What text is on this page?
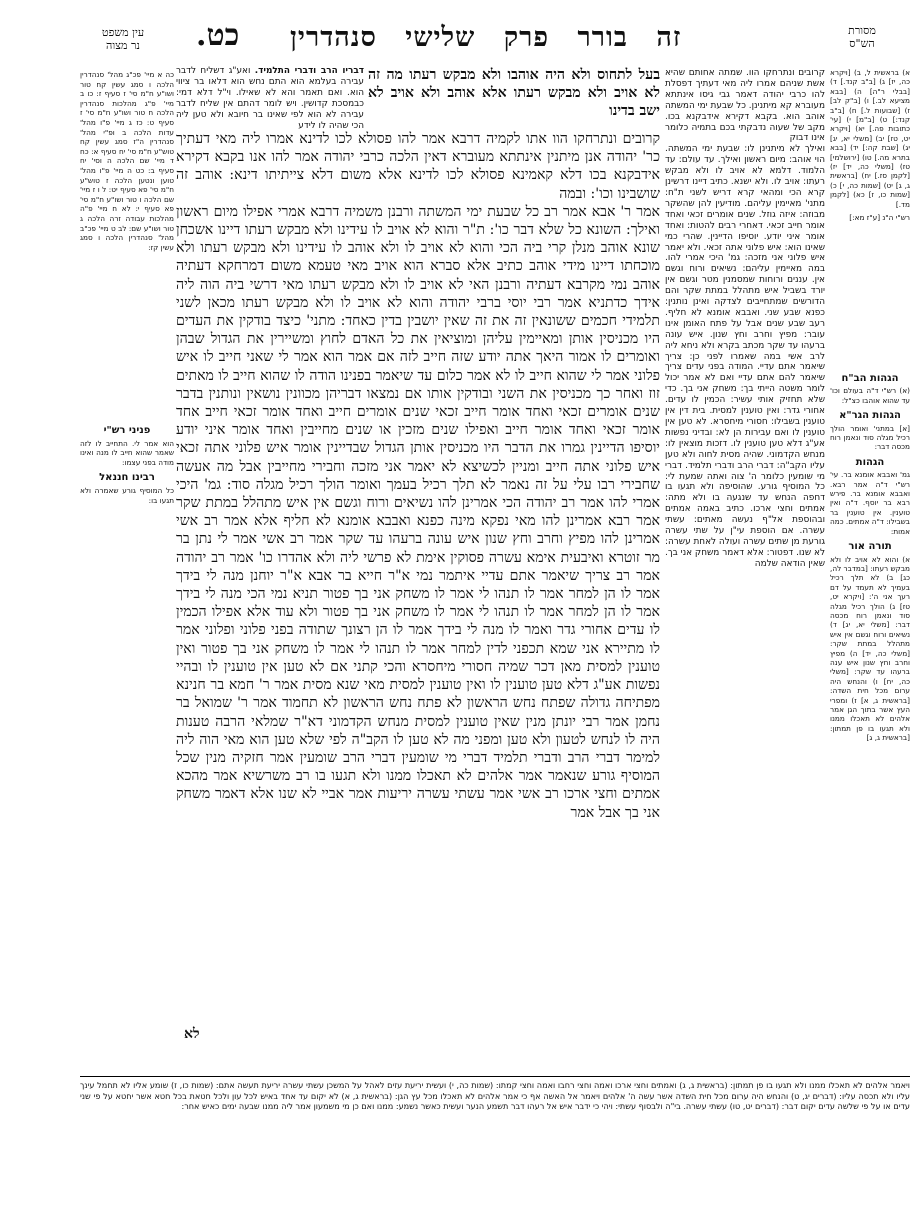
מסורת
הש"ס
זה בורר פרק שלישי סנהדרין
כט.
עין משפט
נר מצוה

א) בראשית ל, ב) [ויקרא כה, יז] ג) [ב"ב קנד.] ד) [בבלי ר"ה] ה) [בבא מציעא לב.] ו) [ב"ק לב] ז) [שבועות ל.] ח) [ב"ב קנד:] ט) [ב"מ] י) [עי' כתובות פה.] יא) [ויקרא יט, טז] יב) [משלי יא, יג] יג) [שבת קה:] יד) [בבא בתרא מה.] טו) [ירושלמי] טז) [משלי כה, יד] יז) [לקמן סז.] יח) [בראשית ג, ג] יט) [שמות כה, י] כ) [שמות כו, ז] כא) [לקמן מד.]

רש"י ה"נ [ע"ז מא:]

הגהות הב"ח

(א) רש"י ד"ה בעולם וכו' עד שהוא אוהבו כצ"ל:

הגהות הגר"א

[א] במתני' ואומר הולך רכיל מגלה סוד ונאמן רוח מכסה דבר:

הגהות

גמ' ואבבא אומנא בר. עי' רש"י ד"ה אמר רבא. ואבבא אומנא בר. פירש רבא בר יוסף. ד"ה ואין טוענין. אין טוענין בר בשבילו: ד"ה אמתים. כמה אמות:

תורה אור

א) והוא לא אויב לו ולא מבקש רעתו: [במדבר לה, כג] ב) לא תלך רכיל בעמיך לא תעמד על דם רעך אני ה': [ויקרא יט, טז] ג) הולך רכיל מגלה סוד ונאמן רוח מכסה דבר: [משלי יא, יג] ד) נשיאים ורוח וגשם אין איש מתהלל במתת שקר: [משלי כה, יד] ה) מפיץ וחרב וחץ שנון איש ענה ברעהו עד שקר: [משלי כה, יח] ו) והנחש היה ערום מכל חית השדה: [בראשית ג, א] ז) ומפרי העץ אשר בתוך הגן אמר אלהים לא תאכלו ממנו ולא תגעו בו פן תמתון: [בראשית ג, ג]

קרובים ונתרחקו הוו. שמתה אחותם שהיא אשת שניהם אמרו ליה מאי דעתיך דפסלת להו כרבי יהודה דאמר גבי גיסו אינתתא מעוברא קא מיתנינן. כל שבעת ימי המשתה אוהב הוא. בקבא דקירא אידבקנא בכו. מקב של שעוה נדבקתי בכם בתמיה כלומר אינו דבוק

ואילך לא מיתנינן לו: שבעת ימי המשתה. הוי אוהב: מיום ראשון ואילך. עד עולם: עד הלמוד. דלמא לא אויב לו ולא מבקש רעתו: אויב לו. ולא ישנא. כתיב דיינו דרשינן קרא הכי ומהאי קרא דריש לשני ת"ח: מתני' מאיימין עליהם. מודיעין להן שהשקר מבוזה: איזה גוזל. שנים אומרים זכאי ואחד אומר חייב זכאי. דאחרי רבים להטות: ואחד אומר איני יודע. יוסיפו הדיינין. שהרי כמי שאינו הוא: איש פלוני אתה זכאי. ולא יאמר איש פלוני אני מזכה: גמ' היכי אמרי להו. במה מאיימין עליהם: נשיאים ורוח וגשם אין. עננים ורוחות שמסמנין מטר וגשם אין יורד בשביל איש מתהלל במתת שקר והם הדורשים שמתחייבים לצדקה ואינן נותנין: כפנא שבע שני. ואבבא אומנא לא חליף. רעב שבע שנים אבל על פתח האומן אינו עובר: מפיץ וחרב וחץ שנון. איש עונה ברעהו עד שקר מכתב בקרא ולא ניחא ליה לרב אשי במה שאמרו לפני כן: צריך שיאמר אתם עדיי. המודה בפני עדים צריך שיאמר להם אתם עדיי ואם לא אמר יכול לומר משטה הייתי בך: משחק אני בך. כדי שלא תחזיק אותי עשיר: הכמין לו עדים. אחורי גדר: ואין טוענין למסית. בית דין אין טוענין בשבילו: חסורי מיחסרא. לא טען אין טוענין לו ואם עבירות הן לא: ובדיני נפשות אע"ג דלא טען טוענין לו. דזכות מוצאין לו: מנחש הקדמוני. שהיה מסית לחוה ולא טען עליו הקב"ה: דברי הרב ודברי תלמיד. דברי מי שומעין כלומר ה' צוה ואתה שמעת לי: כל המוסיף גורע. שהוסיפה ולא תגעו בו דחפה הנחש עד שנגעה בו ולא מתה: אמתים וחצי ארכו. כתיב באמה אמתים ובהוספת אל"ף נעשה מאתים: עשתי עשרה. אם הוספת עי"ן על שתי עשרה גורעת מן שתים עשרה ועולה לאחת עשרה: לא שנו. דפטור: אלא דאמר משחק אני בך. שאין הודאה שלמה

בעל לתחוס ולא היה אוהבו ולא מבקש רעתו מה זה לא אויב ולא מבקש רעתו אלא אוהב ולא אויב לא ישב בדינו

דבריו הרב ודברי התלמיד. ואע"ג דשליח לדבר עבירה בעלמא הוא התם נחש הוא דלאו בר ציווי הוא. ואם תאמר והא לא שאילו. וי"ל דלא דמי: כבמסכת קדושין. ויש לומר דהתם אין שליח לדבר עבירה לא הוא לפי שאינו בר חיובא ולא טען ליה הכי שהיה לו לידע

קרובים ונתרחקו הוו אתו לקמיה דרבא אמר להו פסולא לכו לדינא אמרו ליה מאי דעתיך כר' יהודה אנן מיתנין אינתתא מעוברא דאין הלכה כרבי יהודה אמר להו אנו בקבא דקירא אידבקנא בכו דלא קאמינא פסולא לכו לדינא אלא משום דלא צייתיתו דינא: אוהב זה שושבינו וכו': ובמה

אמר ר' אבא אמר רב כל שבעת ימי המשתה ורבנן משמיה דרבא אמרי אפילו מיום ראשון ואילך: השונא כל שלא דבר כו': ת"ר והוא לא אויב לו עידינו ולא מבקש רעתו דיינו אשכחן שונא אוהב מנלן קרי ביה הכי והוא לא אויב לו ולא אוהב לו עידינו ולא מבקש רעתו ולא מוכחתו דיינו מידי אוהב כתיב אלא סברא הוא אויב מאי טעמא משום דמרחקא דעתיה אוהב נמי מקרבא דעתיה ורבנן האי לא אויב לו ולא מבקש רעתו מאי דרשי ביה הוה ליה אידך כדתניא אמר רבי יוסי ברבי יהודה והוא לא אויב לו ולא מבקש רעתו מכאן לשני תלמידי חכמים ששונאין זה את זה שאין יושבין בדין כאחד: מתני' כיצד בודקין את העדים היו מכניסין אותן ומאיימין עליהן ומוציאין את כל האדם לחוץ ומשיירין את הגדול שבהן ואומרים לו אמור היאך אתה יודע שזה חייב לזה אם אמר הוא אמר לי שאני חייב לו איש פלוני אמר לי שהוא חייב לו לא אמר כלום עד שיאמר בפנינו הודה לו שהוא חייב לו מאתים זוז ואחר כך מכניסין את השני ובודקין אותו אם נמצאו דבריהן מכוונין נושאין ונותנין בדבר שנים אומרים זכאי ואחד אומר חייב זכאי שנים אומרים חייב ואחד אומר זכאי חייב אחד אומר זכאי ואחד אומר חייב ואפילו שנים מזכין או שנים מחייבין ואחד אומר איני יודע יוסיפו הדיינין גמרו את הדבר היו מכניסין אותן הגדול שבדיינין אומר איש פלוני אתה זכאי איש פלוני אתה חייב ומניין לכשיצא לא יאמר אני מזכה וחבירי מחייבין אבל מה אעשה שחבירי רבו עלי על זה נאמר לא תלך רכיל בעמך ואומר הולך רכיל מגלה סוד: גמ' היכי אמרי להו אמר רב יהודה הכי אמרינן להו נשיאים ורוח וגשם אין איש מתהלל במתת שקר אמר רבא אמרינן להו מאי נפקא מינה כפנא ואבבא אומנא לא חליף אלא אמר רב אשי אמרינן להו מפיץ וחרב וחץ שנון איש עונה ברעהו עד שקר אמר רב אשי אמר לי נתן בר מר זוטרא ואיבעית אימא עשרה פסוקין אימת לא פרשי ליה ולא אהדרו כו' אמר רב יהודה אמר רב צריך שיאמר אתם עדיי איתמר נמי א"ר חייא בר אבא א"ר יוחנן מנה לי בידך אמר לו הן למחר אמר לו תנהו לי אמר לו משחק אני בך פטור תניא נמי הכי מנה לי בידך אמר לו הן למחר אמר לו תנהו לי אמר לו משחק אני בך פטור ולא עוד אלא אפילו הכמין לו עדים אחורי גדר ואמר לו מנה לי בידך אמר לו הן רצונך שתודה בפני פלוני ופלוני אמר לו מתיירא אני שמא תכפני לדין למחר אמר לו תנהו לי אמר לו משחק אני בך פטור ואין טוענין למסית מאן דכר שמיה חסורי מיחסרא והכי קתני אם לא טען אין טוענין לו ובהיי נפשות אע"ג דלא טען טוענין לו ואין טוענין למסית מאי שנא מסית אמר ר' חמא בר חנינא מפתיחה גדולה שפתח נחש הראשון לא פתח נחש הראשון לא תחמוד אמר ר' שמואל בר נחמן אמר רבי יונתן מנין שאין טוענין למסית מנחש הקדמוני דא"ר שמלאי הרבה טענות היה לו לנחש לטעון ולא טען ומפני מה לא טען לו הקב"ה לפי שלא טען הוא מאי הוה ליה למימר דברי הרב ודברי תלמיד דברי מי שומעין דברי הרב שומעין אמר חזקיה מנין שכל המוסיף גורע שנאמר אמר אלהים לא תאכלו ממנו ולא תגעו בו רב משרשיא אמר מהכא אמתים וחצי ארכו רב אשי אמר עשתי עשרה יריעות אמר אביי לא שנו אלא דאמר משחק אני בך אבל אמר

כה א מיי' פכ"ג מהל' סנהדרין הלכה ו סמג עשין קח טור ושו"ע ח"מ סי' ז סעיף ז: כו ב מיי' פ"ג מהלכות סנהדרין הלכה ח טור ושו"ע ח"מ סי' ז סעיף ט: כז ג מיי' פ"ו מהל' עדות הלכה ב ופ"י מהל' סנהדרין ה"ז סמג עשין קח טוש"ע ח"מ סי' יח סעיף א: כח ד מיי' שם הלכה ה וסי' יח סעיף ב: כט ה מיי' פ"ו מהל' טוען ונטען הלכה ז טוש"ע ח"מ סי' פא סעיף יט: ל ו ז מיי' שם הלכה ו טור ושו"ע ח"מ סי' פא סעיף י: לא ח מיי' פ"ה מהלכות עבודה זרה הלכה ג טור ושו"ע שם: לב ט מיי' פכ"ב מהל' סנהדרין הלכה ו סמג עשין קז:

פניני רש"י

הוא אמר לי. התחייב לו לזה שאמר שהוא חייב לו מנה ואינו מודה בפני עצמו:

רבינו חננאל

כל המוסיף גורע שאמרה ולא תגעו בו:

לא

ויאמר אלהים לא תאכלו ממנו ולא תגעו בו פן תמתון: (בראשית ג, ג) ואמתים וחצי ארכו ואמה וחצי רחבו ואמה וחצי קמתו: (שמות כה, י) ועשית יריעת עזים לאהל על המשכן עשתי עשרה יריעת תעשה אתם: (שמות כו, ז) שומע אליו לא תחמל עינך עליו ולא תכסה עליו: (דברים יג, ט) והנחש היה ערום מכל חית השדה אשר עשה ה' אלהים ויאמר אל האשה אף כי אמר אלהים לא תאכלו מכל עץ הגן: (בראשית ג, א) לא יקום עד אחד באיש לכל עון ולכל חטאת בכל חטא אשר יחטא על פי שני עדים או על פי שלשה עדים יקום דבר: (דברים יט, טו) עשתי עשרה. בי"ה ולבסוף עשתי: ויהי כי ידבר איש אל רעהו דבר תשמע הנער ועשית כאשר נשמע: ממנו ואם כן מי משמעון אמר ליה ממנו שבעה ימים כאיש אחר:
